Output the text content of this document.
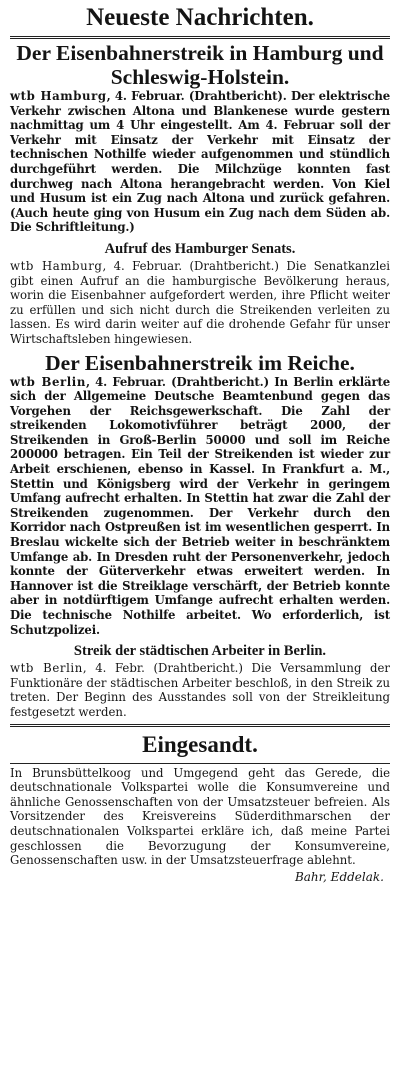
Neueste Nachrichten.
Der Eisenbahnerstreik in Hamburg und Schleswig-Holstein.

wtb Hamburg, 4. Februar. (Drahtbericht). Der elektrische Verkehr zwischen Altona und Blankenese wurde gestern nachmittag um 4 Uhr eingestellt. Am 4. Februar soll der Verkehr mit Einsatz der Verkehr mit Einsatz der technischen Nothilfe wieder aufgenommen und stündlich durchgeführt werden. Die Milchzüge konnten fast durchweg nach Altona herangebracht werden. Von Kiel und Husum ist ein Zug nach Altona und zurück gefahren. (Auch heute ging von Husum ein Zug nach dem Süden ab. Die Schriftleitung.)

Aufruf des Hamburger Senats.

wtb Hamburg, 4. Februar. (Drahtbericht.) Die Senatkanzlei gibt einen Aufruf an die hamburgische Bevölkerung heraus, worin die Eisenbahner aufgefordert werden, ihre Pflicht weiter zu erfüllen und sich nicht durch die Streikenden verleiten zu lassen. Es wird darin weiter auf die drohende Gefahr für unser Wirtschaftsleben hingewiesen.

Der Eisenbahnerstreik im Reiche.

wtb Berlin, 4. Februar. (Drahtbericht.) In Berlin erklärte sich der Allgemeine Deutsche Beamtenbund gegen das Vorgehen der Reichsgewerkschaft. Die Zahl der streikenden Lokomotivführer beträgt 2000, der Streikenden in Groß-Berlin 50000 und soll im Reiche 200000 betragen. Ein Teil der Streikenden ist wieder zur Arbeit erschienen, ebenso in Kassel. In Frankfurt a. M., Stettin und Königsberg wird der Verkehr in geringem Umfang aufrecht erhalten. In Stettin hat zwar die Zahl der Streikenden zugenommen. Der Verkehr durch den Korridor nach Ostpreußen ist im wesentlichen gesperrt. In Breslau wickelte sich der Betrieb weiter in beschränktem Umfange ab. In Dresden ruht der Personenverkehr, jedoch konnte der Güterverkehr etwas erweitert werden. In Hannover ist die Streiklage verschärft, der Betrieb konnte aber in notdürftigem Umfange aufrecht erhalten werden. Die technische Nothilfe arbeitet. Wo erforderlich, ist Schutzpolizei.

Streik der städtischen Arbeiter in Berlin.

wtb Berlin, 4. Febr. (Drahtbericht.) Die Versammlung der Funktionäre der städtischen Arbeiter beschloß, in den Streik zu treten. Der Beginn des Ausstandes soll von der Streikleitung festgesetzt werden.

Eingesandt.

In Brunsbüttelkoog und Umgegend geht das Gerede, die deutschnationale Volkspartei wolle die Konsumvereine und ähnliche Genossenschaften von der Umsatzsteuer befreien. Als Vorsitzender des Kreisvereins Süderdithmarschen der deutschnationalen Volkspartei erkläre ich, daß meine Partei geschlossen die Bevorzugung der Konsumvereine, Genossenschaften usw. in der Umsatzsteuerfrage ablehnt.

Bahr, Eddelak.
